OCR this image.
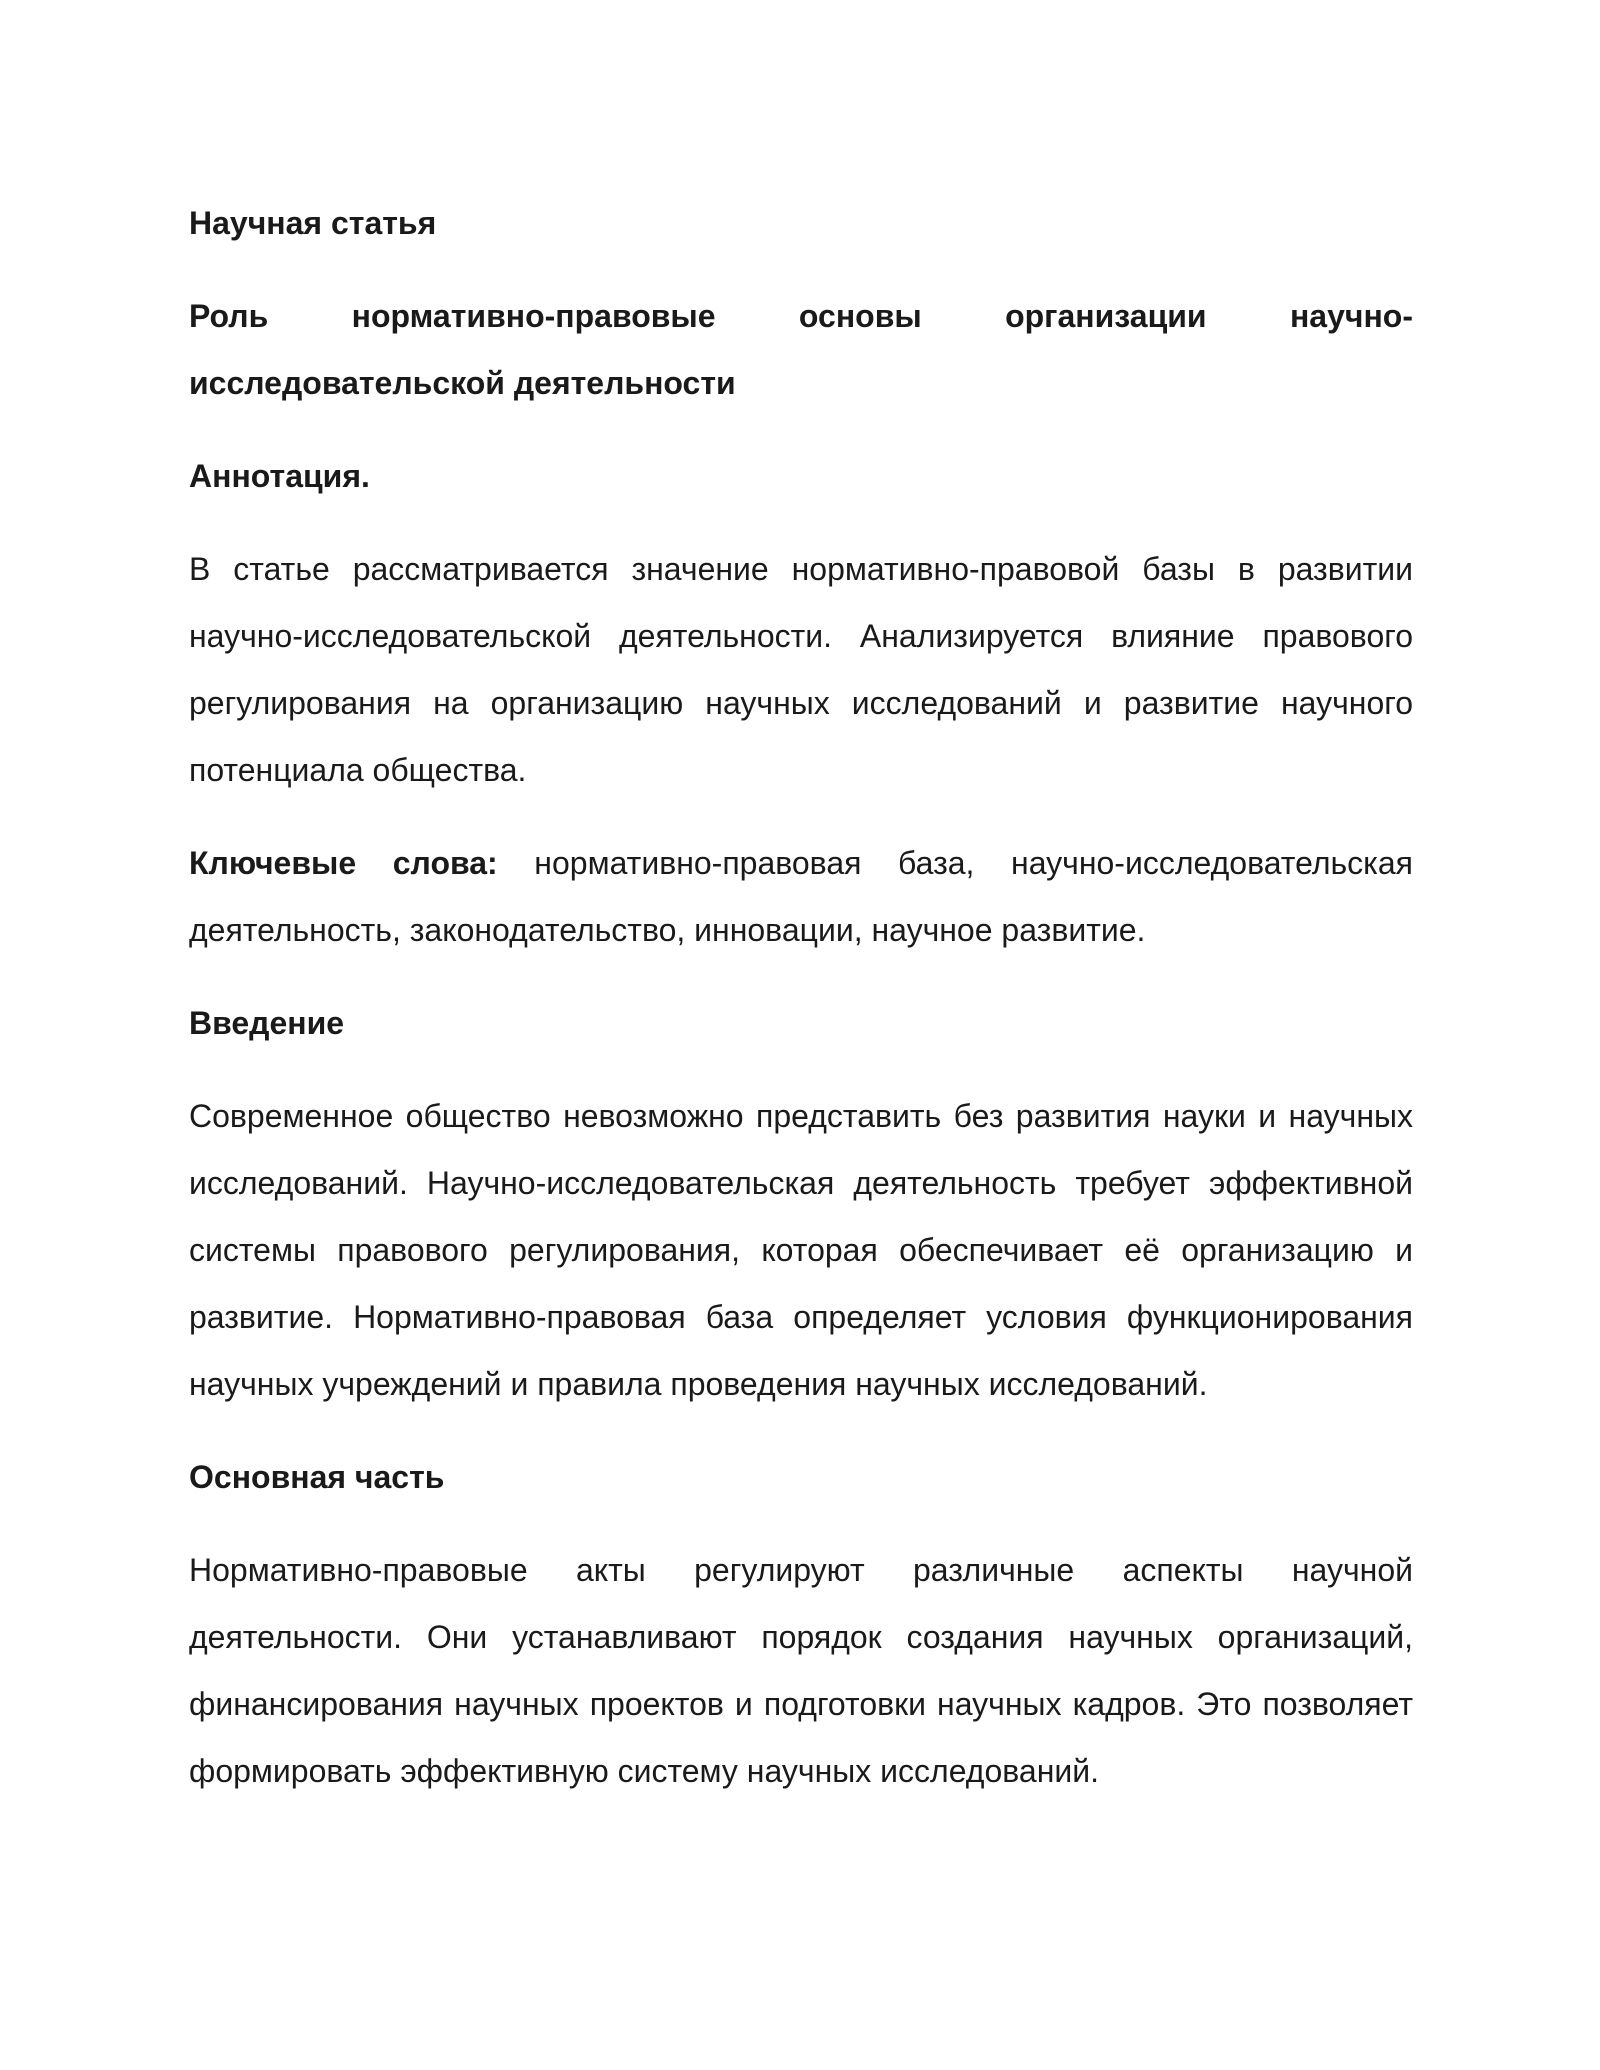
Научная статья

Роль	нормативно-правовые	основы	организации	научно-
исследовательской деятельности

Аннотация.

В статье рассматривается значение нормативно-правовой базы в развитии научно-исследовательской деятельности. Анализируется влияние правового регулирования на организацию научных исследований и развитие научного потенциала общества.

Ключевые слова: нормативно-правовая база, научно-исследовательская деятельность, законодательство, инновации, научное развитие.

Введение

Современное общество невозможно представить без развития науки и научных исследований. Научно-исследовательская деятельность требует эффективной системы правового регулирования, которая обеспечивает её организацию и развитие. Нормативно-правовая база определяет условия функционирования научных учреждений и правила проведения научных исследований.

Основная часть

Нормативно-правовые акты регулируют различные аспекты научной деятельности. Они устанавливают порядок создания научных организаций, финансирования научных проектов и подготовки научных кадров. Это позволяет формировать эффективную систему научных исследований.
